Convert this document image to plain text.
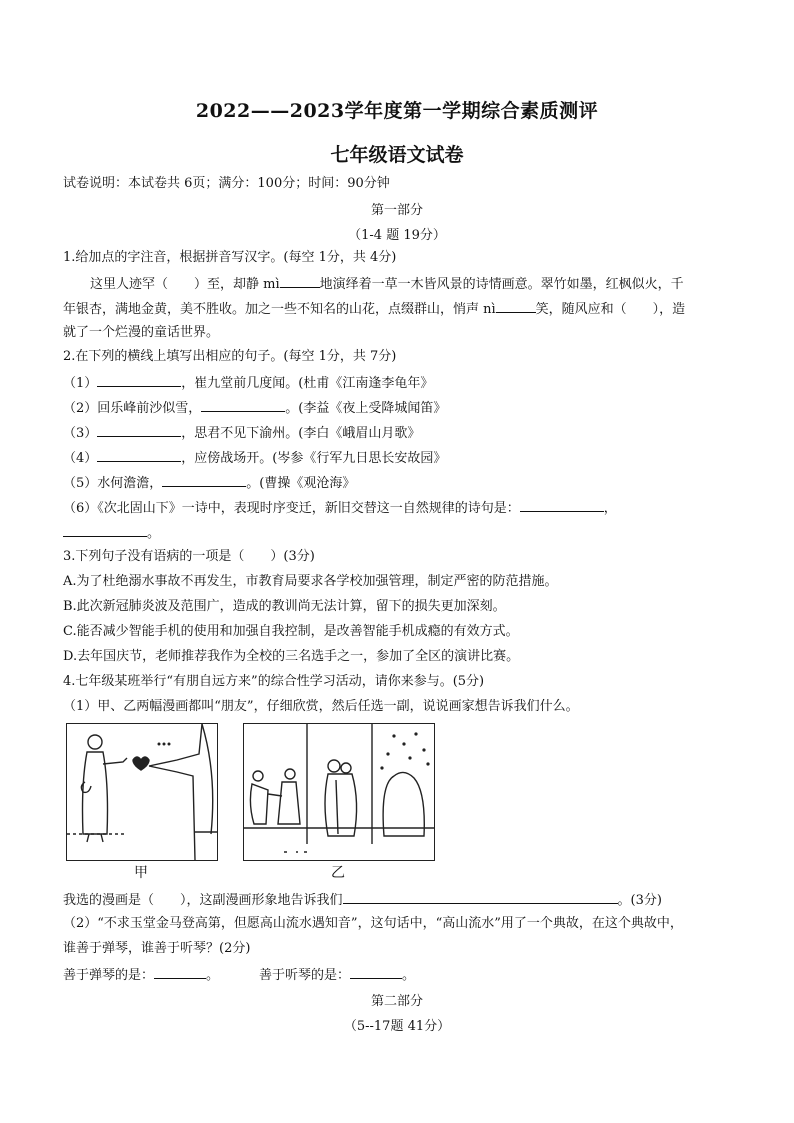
2022——2023学年度第一学期综合素质测评
七年级语文试卷
试卷说明：本试卷共 6页；满分：100分；时间：90分钟
第一部分
（1-4 题 19分）
1.给加点的字注音，根据拼音写汉字。(每空 1分，共 4分)
这里人迹罕（　　）至，却静 mì	地演绎着一草一木皆风景的诗情画意。翠竹如墨，红枫似火，千
年银杏，满地金黄，美不胜收。加之一些不知名的山花，点缀群山，悄声 nì	笑，随风应和（　　），造
就了一个烂漫的童话世界。
2.在下列的横线上填写出相应的句子。(每空 1分，共 7分)
（1）	，崔九堂前几度闻。(杜甫《江南逢李龟年》
（2）回乐峰前沙似雪，	。(李益《夜上受降城闻笛》
（3）	，思君不见下渝州。(李白《峨眉山月歌》
（4）	，应傍战场开。(岑参《行军九日思长安故园》
（5）水何澹澹，	。(曹操《观沧海》
（6）《次北固山下》一诗中，表现时序变迁，新旧交替这一自然规律的诗句是：	，
。
3.下列句子没有语病的一项是（　　）(3分)
A.为了杜绝溺水事故不再发生，市教育局要求各学校加强管理，制定严密的防范措施。
B.此次新冠肺炎波及范围广，造成的教训尚无法计算，留下的损失更加深刻。
C.能否减少智能手机的使用和加强自我控制，是改善智能手机成瘾的有效方式。
D.去年国庆节，老师推荐我作为全校的三名选手之一，参加了全区的演讲比赛。
4.七年级某班举行“有朋自远方来”的综合性学习活动，请你来参与。(5分)
（1）甲、乙两幅漫画都叫“朋友”，仔细欣赏，然后任选一副，说说画家想告诉我们什么。
甲	乙
我选的漫画是（　　），这副漫画形象地告诉我们	。(3分)
（2）“不求玉堂金马登高第，但愿高山流水遇知音”，这句话中，“高山流水”用了一个典故，在这个典故中，
谁善于弹琴，谁善于听琴？(2分)
善于弹琴的是：	。	善于听琴的是：	。
第二部分
（5--17题 41分）
